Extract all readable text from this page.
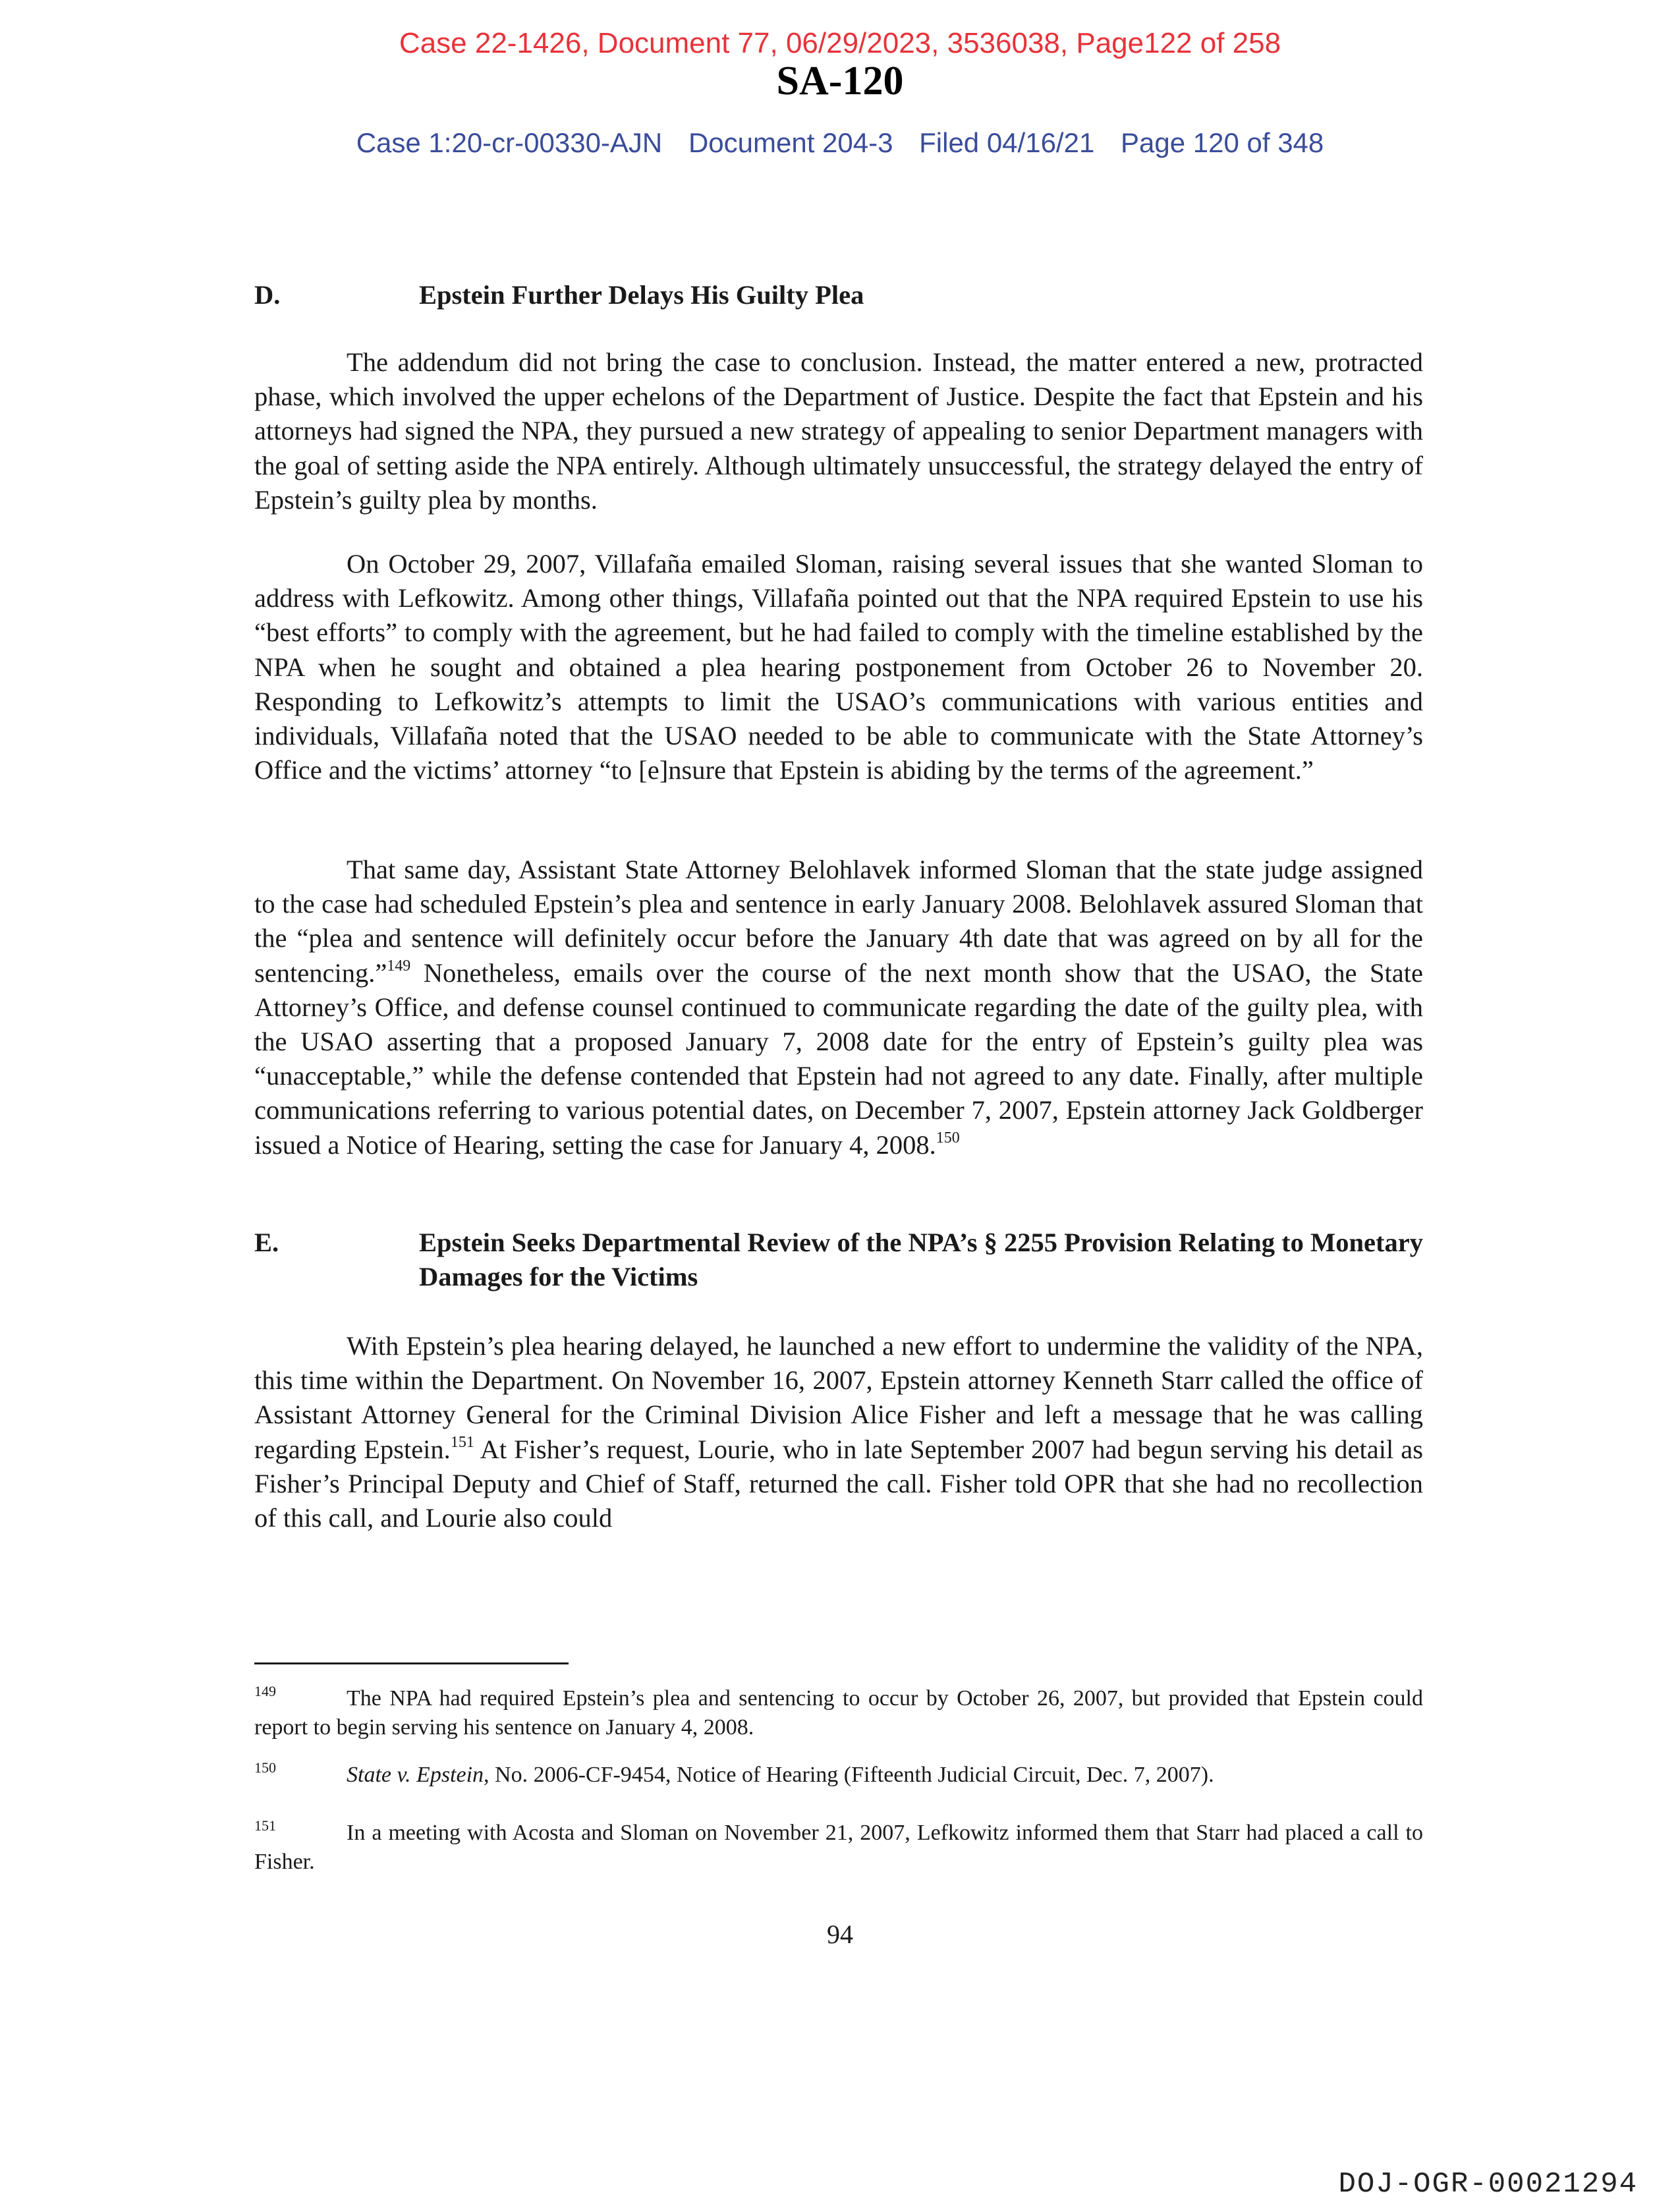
Case 22-1426, Document 77, 06/29/2023, 3536038, Page122 of 258
SA-120
Case 1:20-cr-00330-AJN Document 204-3 Filed 04/16/21 Page 120 of 348
D.	Epstein Further Delays His Guilty Plea

The addendum did not bring the case to conclusion. Instead, the matter entered a new, protracted phase, which involved the upper echelons of the Department of Justice. Despite the fact that Epstein and his attorneys had signed the NPA, they pursued a new strategy of appealing to senior Department managers with the goal of setting aside the NPA entirely. Although ultimately unsuccessful, the strategy delayed the entry of Epstein’s guilty plea by months.

On October 29, 2007, Villafaña emailed Sloman, raising several issues that she wanted Sloman to address with Lefkowitz. Among other things, Villafaña pointed out that the NPA required Epstein to use his “best efforts” to comply with the agreement, but he had failed to comply with the timeline established by the NPA when he sought and obtained a plea hearing postponement from October 26 to November 20. Responding to Lefkowitz’s attempts to limit the USAO’s communications with various entities and individuals, Villafaña noted that the USAO needed to be able to communicate with the State Attorney’s Office and the victims’ attorney “to [e]nsure that Epstein is abiding by the terms of the agreement.”

That same day, Assistant State Attorney Belohlavek informed Sloman that the state judge assigned to the case had scheduled Epstein’s plea and sentence in early January 2008. Belohlavek assured Sloman that the “plea and sentence will definitely occur before the January 4th date that was agreed on by all for the sentencing.”$^{149}$ Nonetheless, emails over the course of the next month show that the USAO, the State Attorney’s Office, and defense counsel continued to communicate regarding the date of the guilty plea, with the USAO asserting that a proposed January 7, 2008 date for the entry of Epstein’s guilty plea was “unacceptable,” while the defense contended that Epstein had not agreed to any date. Finally, after multiple communications referring to various potential dates, on December 7, 2007, Epstein attorney Jack Goldberger issued a Notice of Hearing, setting the case for January 4, 2008.$^{150}$

E.	Epstein Seeks Departmental Review of the NPA’s § 2255 Provision Relating to Monetary Damages for the Victims

With Epstein’s plea hearing delayed, he launched a new effort to undermine the validity of the NPA, this time within the Department. On November 16, 2007, Epstein attorney Kenneth Starr called the office of Assistant Attorney General for the Criminal Division Alice Fisher and left a message that he was calling regarding Epstein.$^{151}$ At Fisher’s request, Lourie, who in late September 2007 had begun serving his detail as Fisher’s Principal Deputy and Chief of Staff, returned the call. Fisher told OPR that she had no recollection of this call, and Lourie also could

149	The NPA had required Epstein’s plea and sentencing to occur by October 26, 2007, but provided that Epstein could report to begin serving his sentence on January 4, 2008.

150	State v. Epstein, No. 2006-CF-9454, Notice of Hearing (Fifteenth Judicial Circuit, Dec. 7, 2007).

151	In a meeting with Acosta and Sloman on November 21, 2007, Lefkowitz informed them that Starr had placed a call to Fisher.

94
DOJ-OGR-00021294
